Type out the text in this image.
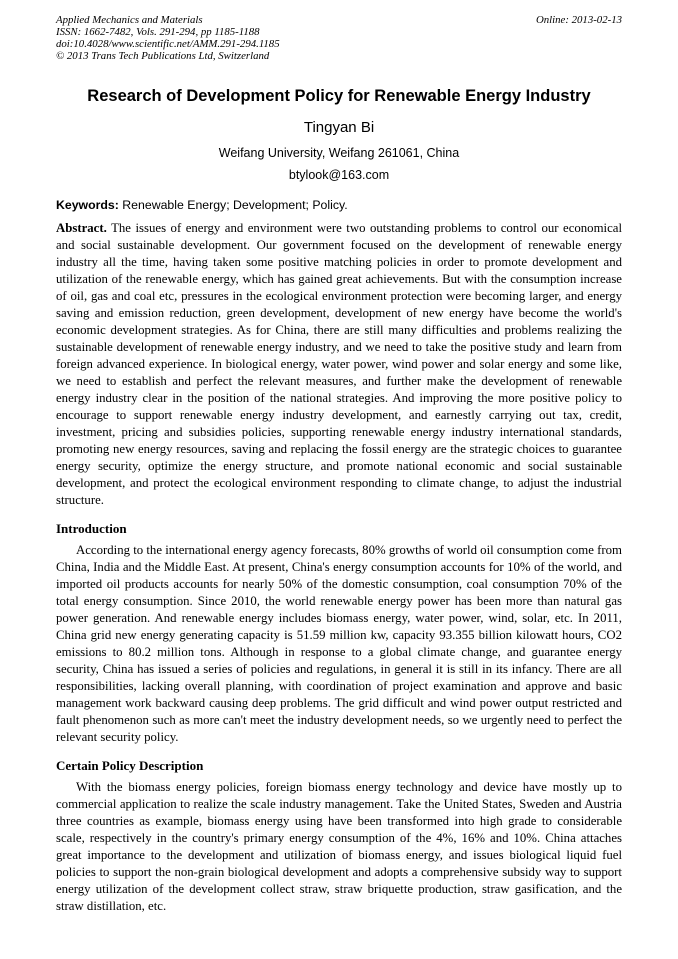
Applied Mechanics and Materials
ISSN: 1662-7482, Vols. 291-294, pp 1185-1188
doi:10.4028/www.scientific.net/AMM.291-294.1185
© 2013 Trans Tech Publications Ltd, Switzerland
Online: 2013-02-13
Research of Development Policy for Renewable Energy Industry
Tingyan Bi
Weifang University, Weifang 261061, China
btylook@163.com

Keywords: Renewable Energy; Development; Policy.

Abstract. The issues of energy and environment were two outstanding problems to control our economical and social sustainable development. Our government focused on the development of renewable energy industry all the time, having taken some positive matching policies in order to promote development and utilization of the renewable energy, which has gained great achievements. But with the consumption increase of oil, gas and coal etc, pressures in the ecological environment protection were becoming larger, and energy saving and emission reduction, green development, development of new energy have become the world's economic development strategies. As for China, there are still many difficulties and problems realizing the sustainable development of renewable energy industry, and we need to take the positive study and learn from foreign advanced experience. In biological energy, water power, wind power and solar energy and some like, we need to establish and perfect the relevant measures, and further make the development of renewable energy industry clear in the position of the national strategies. And improving the more positive policy to encourage to support renewable energy industry development, and earnestly carrying out tax, credit, investment, pricing and subsidies policies, supporting renewable energy industry international standards, promoting new energy resources, saving and replacing the fossil energy are the strategic choices to guarantee energy security, optimize the energy structure, and promote national economic and social sustainable development, and protect the ecological environment responding to climate change, to adjust the industrial structure.

Introduction

According to the international energy agency forecasts, 80% growths of world oil consumption come from China, India and the Middle East. At present, China's energy consumption accounts for 10% of the world, and imported oil products accounts for nearly 50% of the domestic consumption, coal consumption 70% of the total energy consumption. Since 2010, the world renewable energy power has been more than natural gas power generation. And renewable energy includes biomass energy, water power, wind, solar, etc. In 2011, China grid new energy generating capacity is 51.59 million kw, capacity 93.355 billion kilowatt hours, CO2 emissions to 80.2 million tons. Although in response to a global climate change, and guarantee energy security, China has issued a series of policies and regulations, in general it is still in its infancy. There are all responsibilities, lacking overall planning, with coordination of project examination and approve and basic management work backward causing deep problems. The grid difficult and wind power output restricted and fault phenomenon such as more can't meet the industry development needs, so we urgently need to perfect the relevant security policy.

Certain Policy Description

With the biomass energy policies, foreign biomass energy technology and device have mostly up to commercial application to realize the scale industry management. Take the United States, Sweden and Austria three countries as example, biomass energy using have been transformed into high grade to considerable scale, respectively in the country's primary energy consumption of the 4%, 16% and 10%. China attaches great importance to the development and utilization of biomass energy, and issues biological liquid fuel policies to support the non-grain biological development and adopts a comprehensive subsidy way to support energy utilization of the development collect straw, straw briquette production, straw gasification, and the straw distillation, etc.
